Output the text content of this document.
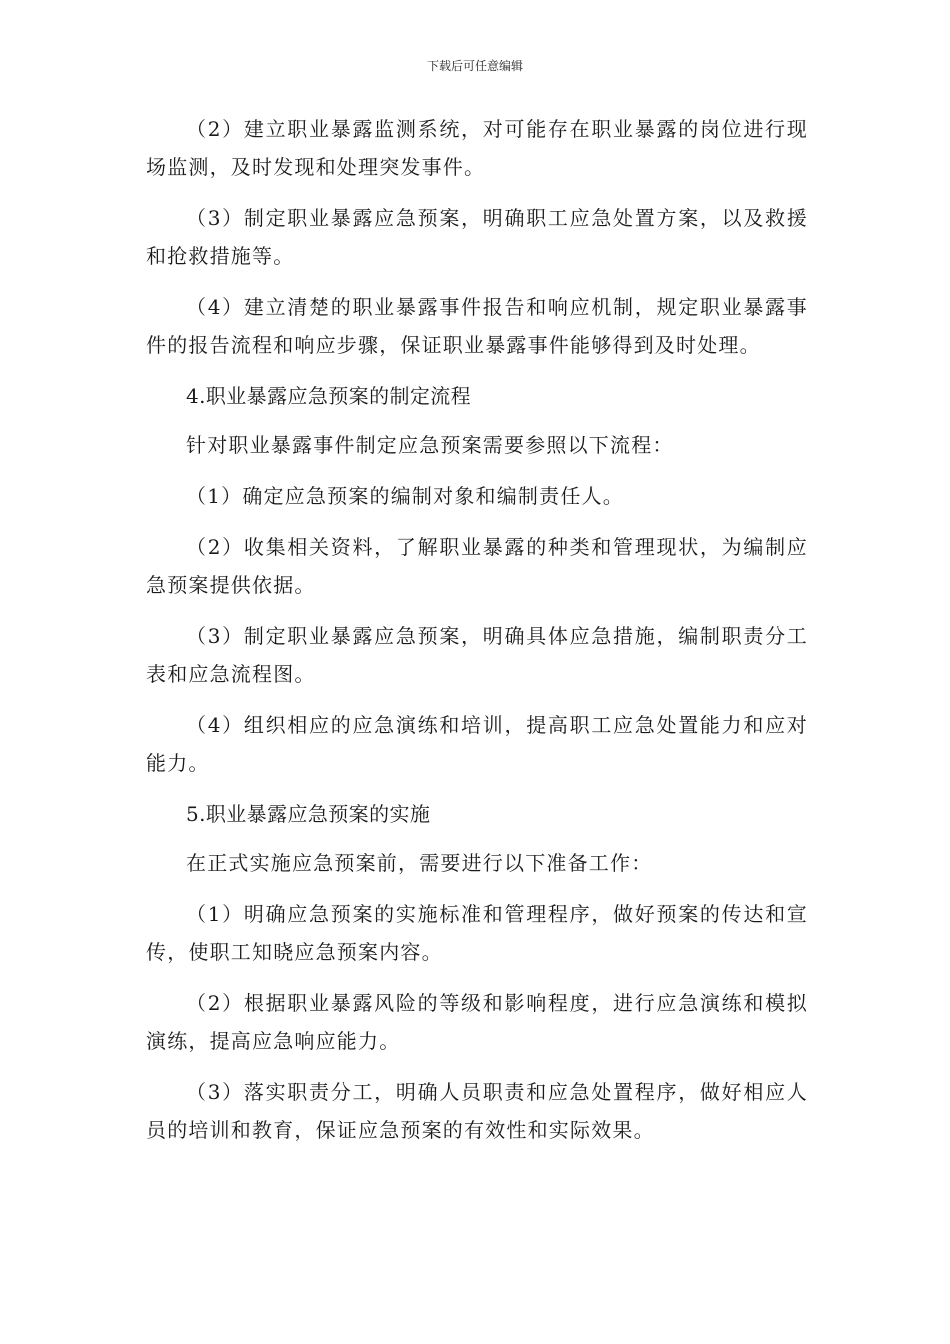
下载后可任意编辑

（2）建立职业暴露监测系统，对可能存在职业暴露的岗位进行现场监测，及时发现和处理突发事件。

（3）制定职业暴露应急预案，明确职工应急处置方案，以及救援和抢救措施等。

（4）建立清楚的职业暴露事件报告和响应机制，规定职业暴露事件的报告流程和响应步骤，保证职业暴露事件能够得到及时处理。

4.职业暴露应急预案的制定流程

针对职业暴露事件制定应急预案需要参照以下流程：

（1）确定应急预案的编制对象和编制责任人。

（2）收集相关资料，了解职业暴露的种类和管理现状，为编制应急预案提供依据。

（3）制定职业暴露应急预案，明确具体应急措施，编制职责分工表和应急流程图。

（4）组织相应的应急演练和培训，提高职工应急处置能力和应对能力。

5.职业暴露应急预案的实施

在正式实施应急预案前，需要进行以下准备工作：

（1）明确应急预案的实施标准和管理程序，做好预案的传达和宣传，使职工知晓应急预案内容。

（2）根据职业暴露风险的等级和影响程度，进行应急演练和模拟演练，提高应急响应能力。

（3）落实职责分工，明确人员职责和应急处置程序，做好相应人员的培训和教育，保证应急预案的有效性和实际效果。
